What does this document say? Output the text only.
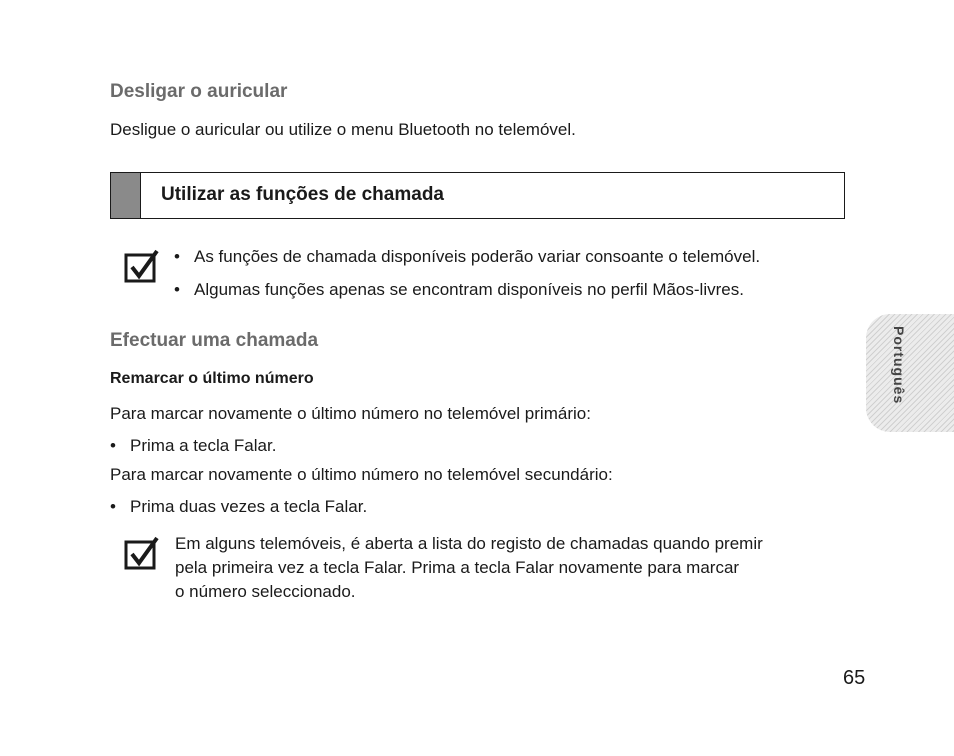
Desligar o auricular
Desligue o auricular ou utilize o menu Bluetooth no telemóvel.
Utilizar as funções de chamada
• As funções de chamada disponíveis poderão variar consoante o telemóvel.
• Algumas funções apenas se encontram disponíveis no perfil Mãos-livres.
Efectuar uma chamada
Remarcar o último número
Para marcar novamente o último número no telemóvel primário:
• Prima a tecla Falar.
Para marcar novamente o último número no telemóvel secundário:
• Prima duas vezes a tecla Falar.
Em alguns telemóveis, é aberta a lista do registo de chamadas quando premir
pela primeira vez a tecla Falar. Prima a tecla Falar novamente para marcar
o número seleccionado.
Português
65
